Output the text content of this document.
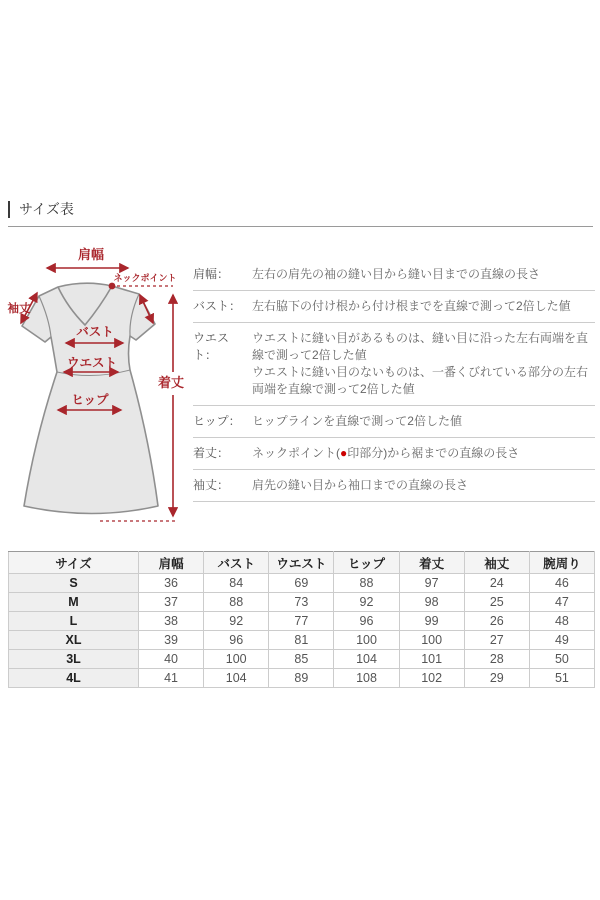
サイズ表
肩幅
ネックポイント
袖丈
バスト
ウエスト
ヒップ
着丈
肩幅：	左右の肩先の袖の縫い目から縫い目までの直線の長さ
バスト： 左右脇下の付け根から付け根までを直線で測って2倍した値
ウエスト：
ウエストに縫い目があるものは、縫い目に沿った左右両端を直線で測って2倍した値
ウエストに縫い目のないものは、一番くびれている部分の左右両端を直線で測って2倍した値
ヒップ： ヒップラインを直線で測って2倍した値
着丈：	ネックポイント(●印部分)から裾までの直線の長さ
袖丈：	肩先の縫い目から袖口までの直線の長さ
サイズ	肩幅	バスト	ウエスト	ヒップ	着丈	袖丈	腕周り
S	36	84	69	88	97	24	46
M	37	88	73	92	98	25	47
L	38	92	77	96	99	26	48
XL	39	96	81	100	100	27	49
3L	40	100	85	104	101	28	50
4L	41	104	89	108	102	29	51
